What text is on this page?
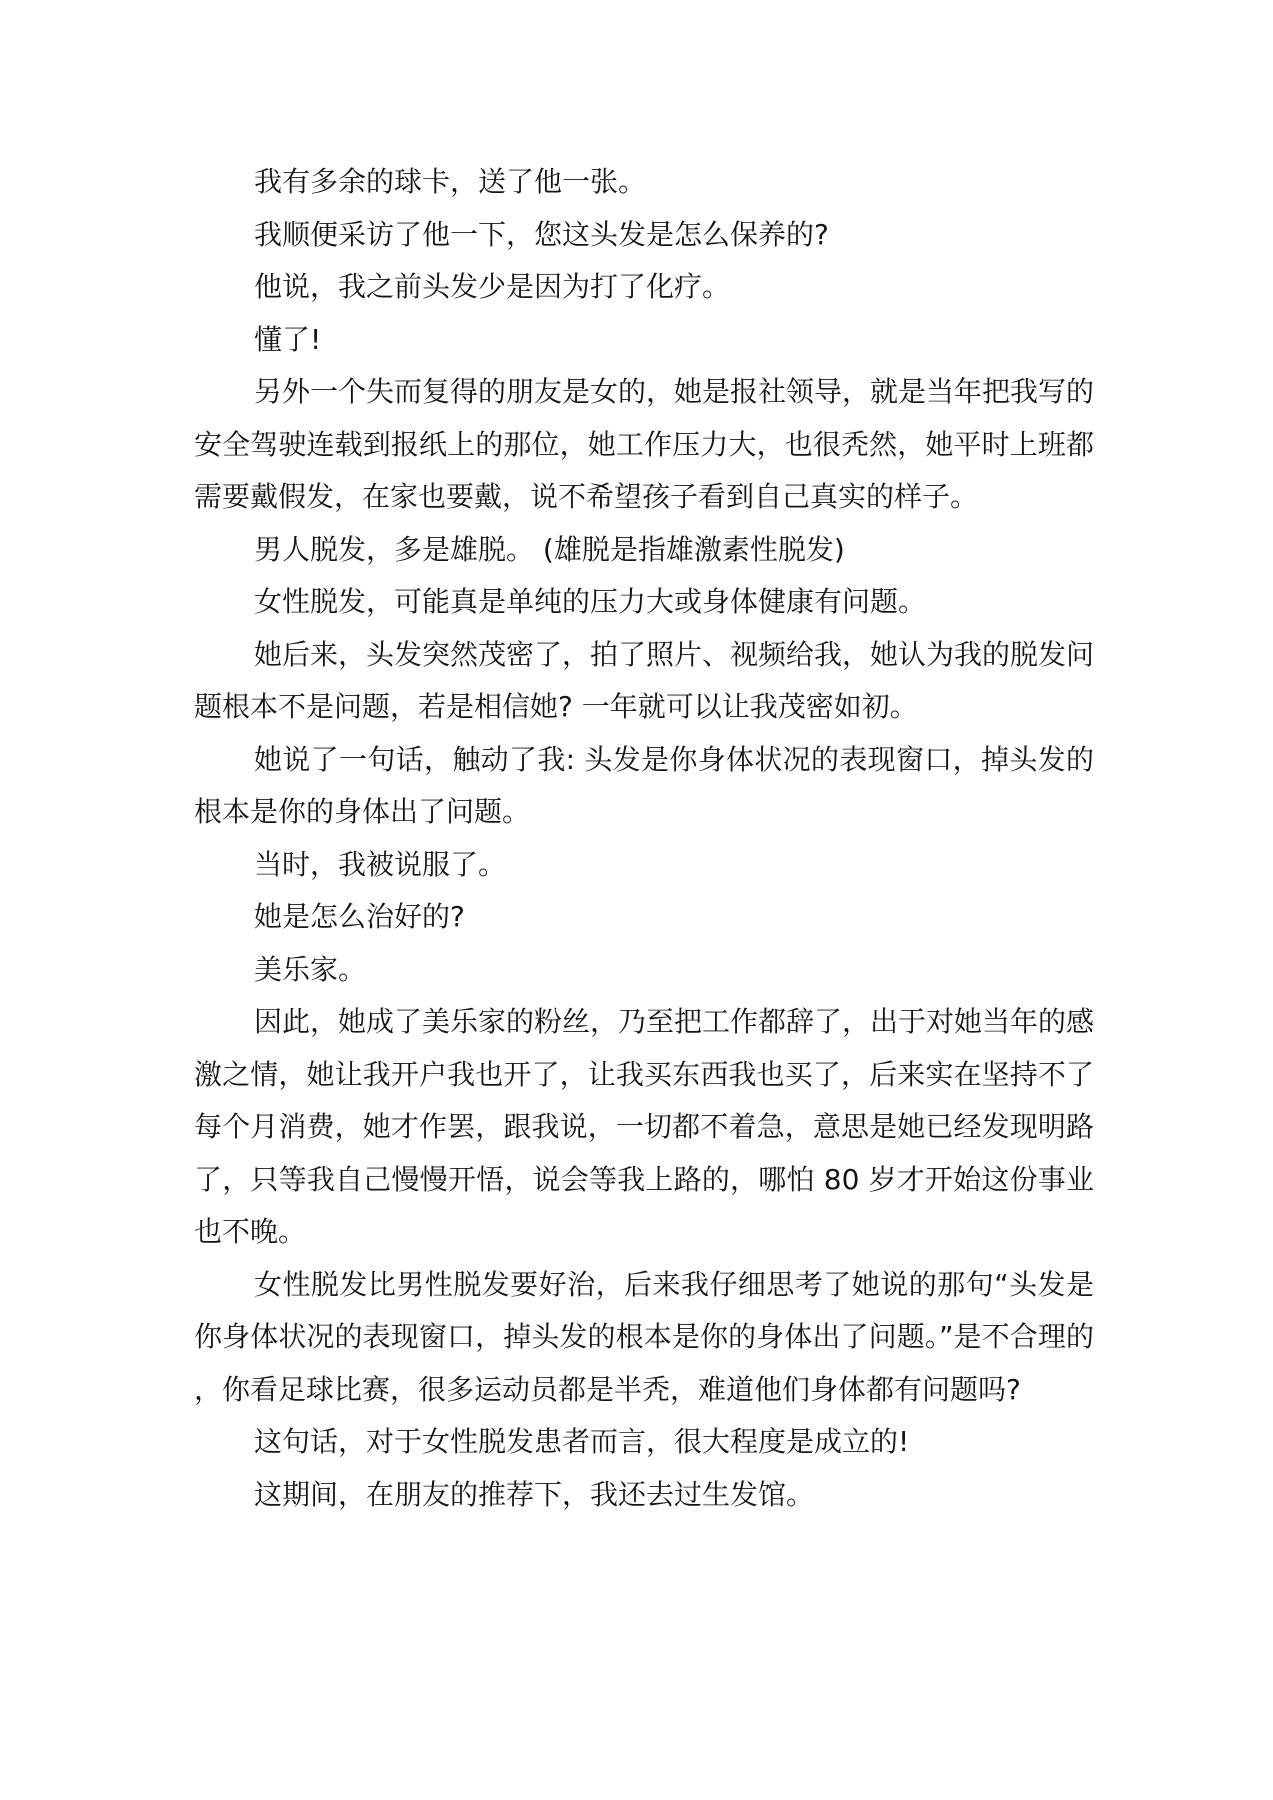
我有多余的球卡，送了他一张。

我顺便采访了他一下，您这头发是怎么保养的?

他说，我之前头发少是因为打了化疗。

懂了!

另外一个失而复得的朋友是女的，她是报社领导，就是当年把我写的安全驾驶连载到报纸上的那位，她工作压力大，也很秃然，她平时上班都需要戴假发，在家也要戴，说不希望孩子看到自己真实的样子。

男人脱发，多是雄脱。 (雄脱是指雄激素性脱发)

女性脱发，可能真是单纯的压力大或身体健康有问题。

她后来，头发突然茂密了，拍了照片、视频给我，她认为我的脱发问题根本不是问题，若是相信她? 一年就可以让我茂密如初。

她说了一句话，触动了我: 头发是你身体状况的表现窗口，掉头发的根本是你的身体出了问题。

当时，我被说服了。

她是怎么治好的?

美乐家。

因此，她成了美乐家的粉丝，乃至把工作都辞了，出于对她当年的感激之情，她让我开户我也开了，让我买东西我也买了，后来实在坚持不了每个月消费，她才作罢，跟我说，一切都不着急，意思是她已经发现明路了，只等我自己慢慢开悟，说会等我上路的，哪怕 80 岁才开始这份事业也不晚。

女性脱发比男性脱发要好治，后来我仔细思考了她说的那句“头发是你身体状况的表现窗口，掉头发的根本是你的身体出了问题。”是不合理的，你看足球比赛，很多运动员都是半秃，难道他们身体都有问题吗?

这句话，对于女性脱发患者而言，很大程度是成立的!

这期间，在朋友的推荐下，我还去过生发馆。
